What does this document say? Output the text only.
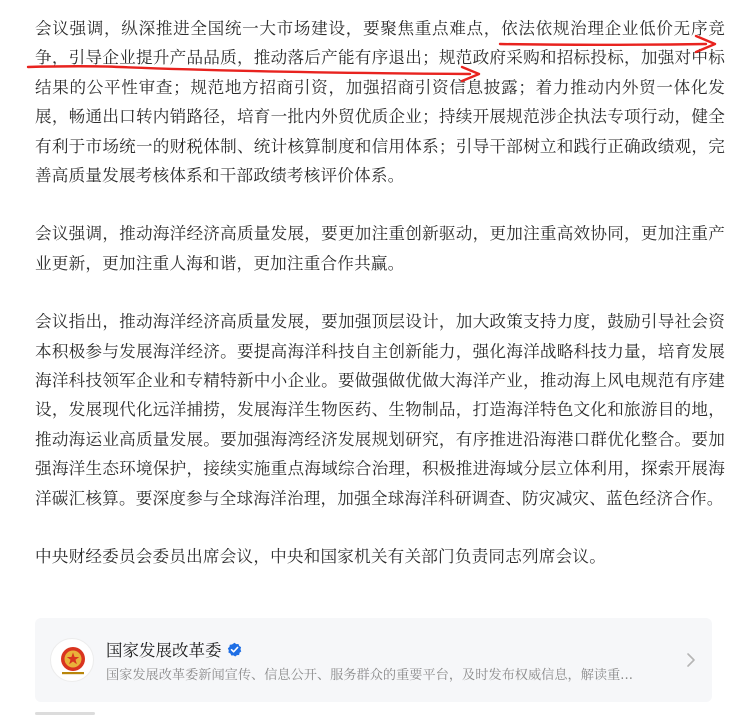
会议强调，纵深推进全国统一大市场建设，要聚焦重点难点，依法依规治理企业低价无序竞争，引导企业提升产品品质，推动落后产能有序退出；规范政府采购和招标投标，加强对中标结果的公平性审查；规范地方招商引资，加强招商引资信息披露；着力推动内外贸一体化发展，畅通出口转内销路径，培育一批内外贸优质企业；持续开展规范涉企执法专项行动，健全有利于市场统一的财税体制、统计核算制度和信用体系；引导干部树立和践行正确政绩观，完善高质量发展考核体系和干部政绩考核评价体系。

会议强调，推动海洋经济高质量发展，要更加注重创新驱动，更加注重高效协同，更加注重产业更新，更加注重人海和谐，更加注重合作共赢。

会议指出，推动海洋经济高质量发展，要加强顶层设计，加大政策支持力度，鼓励引导社会资本积极参与发展海洋经济。要提高海洋科技自主创新能力，强化海洋战略科技力量，培育发展海洋科技领军企业和专精特新中小企业。要做强做优做大海洋产业，推动海上风电规范有序建设，发展现代化远洋捕捞，发展海洋生物医药、生物制品，打造海洋特色文化和旅游目的地，推动海运业高质量发展。要加强海湾经济发展规划研究，有序推进沿海港口群优化整合。要加强海洋生态环境保护，接续实施重点海域综合治理，积极推进海域分层立体利用，探索开展海洋碳汇核算。要深度参与全球海洋治理，加强全球海洋科研调查、防灾减灾、蓝色经济合作。

中央财经委员会委员出席会议，中央和国家机关有关部门负责同志列席会议。

国家发展改革委
国家发展改革委新闻宣传、信息公开、服务群众的重要平台，及时发布权威信息，解读重...
